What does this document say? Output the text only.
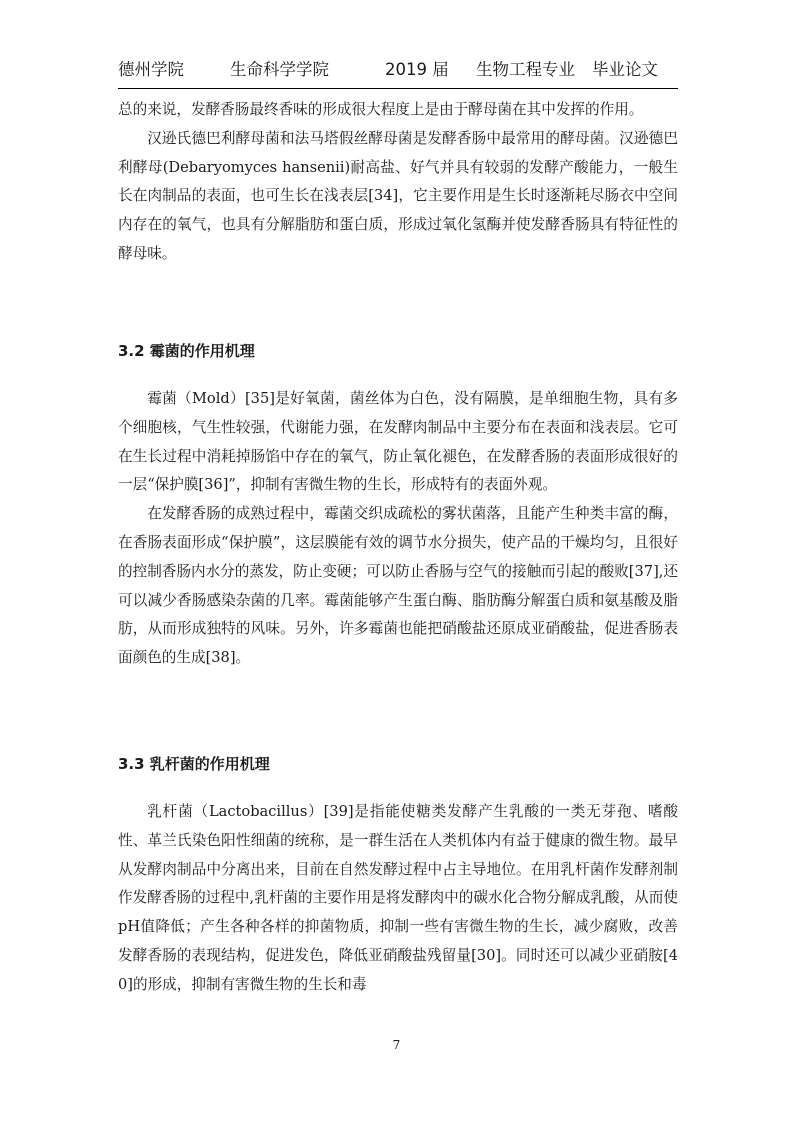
德州学院	生命科学学院	2019 届 生物工程专业 毕业论文

总的来说，发酵香肠最终香味的形成很大程度上是由于酵母菌在其中发挥的作用。

汉逊氏德巴利酵母菌和法马塔假丝酵母菌是发酵香肠中最常用的酵母菌。汉逊德巴利酵母(Debaryomyces hansenii)耐高盐、好气并具有较弱的发酵产酸能力，一般生长在肉制品的表面，也可生长在浅表层[34]，它主要作用是生长时逐渐耗尽肠衣中空间内存在的氧气，也具有分解脂肪和蛋白质，形成过氧化氢酶并使发酵香肠具有特征性的酵母味。

3.2 霉菌的作用机理

霉菌（Mold）[35]是好氧菌，菌丝体为白色，没有隔膜，是单细胞生物，具有多个细胞核，气生性较强，代谢能力强，在发酵肉制品中主要分布在表面和浅表层。它可在生长过程中消耗掉肠馅中存在的氧气，防止氧化褪色，在发酵香肠的表面形成很好的一层“保护膜[36]”，抑制有害微生物的生长，形成特有的表面外观。

在发酵香肠的成熟过程中，霉菌交织成疏松的雾状菌落，且能产生种类丰富的酶，在香肠表面形成“保护膜”，这层膜能有效的调节水分损失，使产品的干燥均匀，且很好的控制香肠内水分的蒸发，防止变硬；可以防止香肠与空气的接触而引起的酸败[37],还可以减少香肠感染杂菌的几率。霉菌能够产生蛋白酶、脂肪酶分解蛋白质和氨基酸及脂肪，从而形成独特的风味。另外，许多霉菌也能把硝酸盐还原成亚硝酸盐，促进香肠表面颜色的生成[38]。

3.3 乳杆菌的作用机理

乳杆菌（Lactobacillus）[39]是指能使糖类发酵产生乳酸的一类无芽孢、嗜酸性、革兰氏染色阳性细菌的统称，是一群生活在人类机体内有益于健康的微生物。最早从发酵肉制品中分离出来，目前在自然发酵过程中占主导地位。在用乳杆菌作发酵剂制作发酵香肠的过程中,乳杆菌的主要作用是将发酵肉中的碳水化合物分解成乳酸，从而使pH值降低；产生各种各样的抑菌物质，抑制一些有害微生物的生长，减少腐败，改善发酵香肠的表现结构，促进发色，降低亚硝酸盐残留量[30]。同时还可以减少亚硝胺[40]的形成，抑制有害微生物的生长和毒

7
